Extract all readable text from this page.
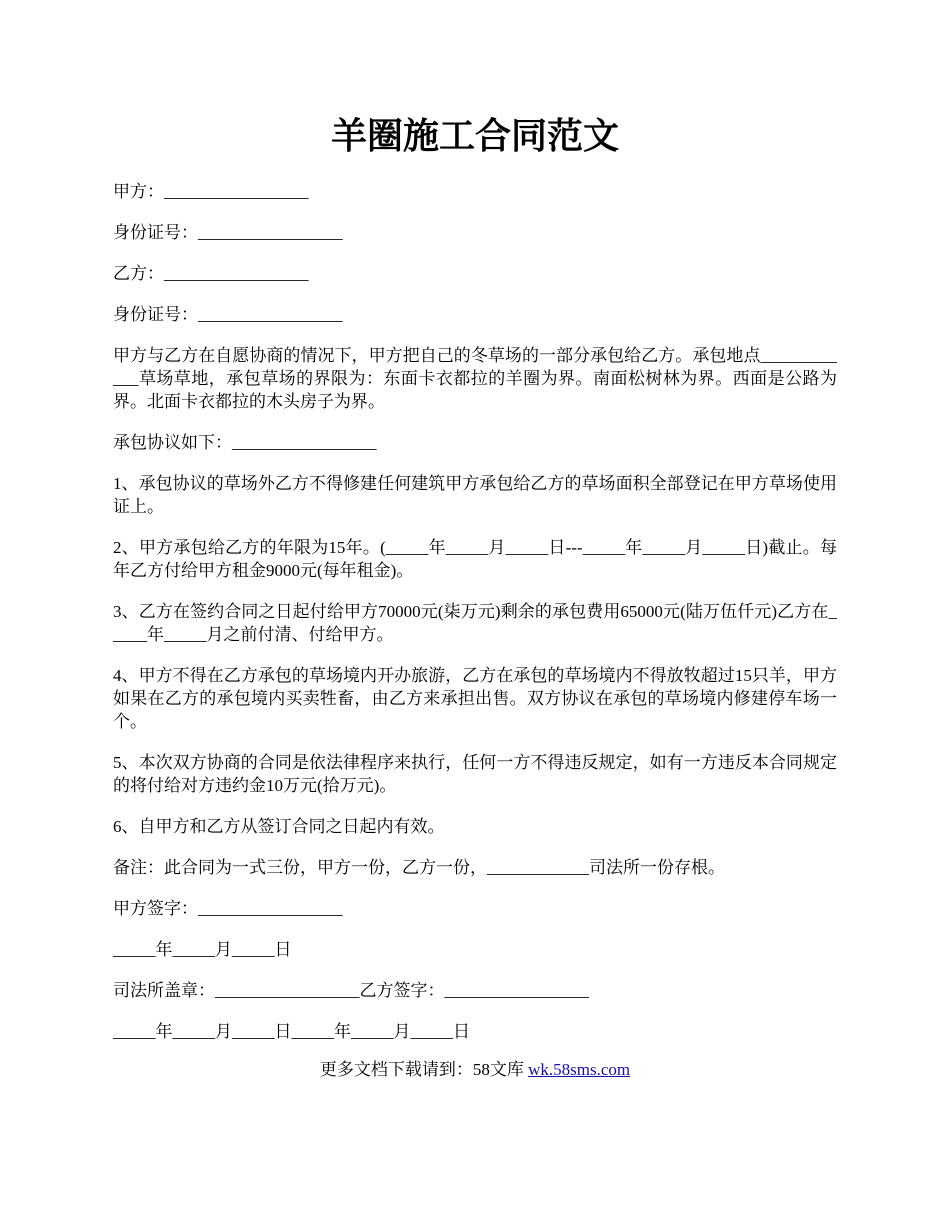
羊圈施工合同范文

甲方：_________________

身份证号：_________________

乙方：_________________

身份证号：_________________

甲方与乙方在自愿协商的情况下，甲方把自己的冬草场的一部分承包给乙方。承包地点____________草场草地，承包草场的界限为：东面卡衣都拉的羊圈为界。南面松树林为界。西面是公路为界。北面卡衣都拉的木头房子为界。

承包协议如下：_________________

1、承包协议的草场外乙方不得修建任何建筑甲方承包给乙方的草场面积全部登记在甲方草场使用证上。

2、甲方承包给乙方的年限为15年。(_____年_____月_____日---_____年_____月_____日)截止。每年乙方付给甲方租金9000元(每年租金)。

3、乙方在签约合同之日起付给甲方70000元(柒万元)剩余的承包费用65000元(陆万伍仟元)乙方在_____年_____月之前付清、付给甲方。

4、甲方不得在乙方承包的草场境内开办旅游，乙方在承包的草场境内不得放牧超过15只羊，甲方如果在乙方的承包境内买卖牲畜，由乙方来承担出售。双方协议在承包的草场境内修建停车场一个。

5、本次双方协商的合同是依法律程序来执行，任何一方不得违反规定，如有一方违反本合同规定的将付给对方违约金10万元(拾万元)。

6、自甲方和乙方从签订合同之日起内有效。

备注：此合同为一式三份，甲方一份，乙方一份，____________司法所一份存根。

甲方签字：_________________

_____年_____月_____日

司法所盖章：_________________乙方签字：_________________

_____年_____月_____日_____年_____月_____日

更多文档下载请到：58文库 wk.58sms.com
